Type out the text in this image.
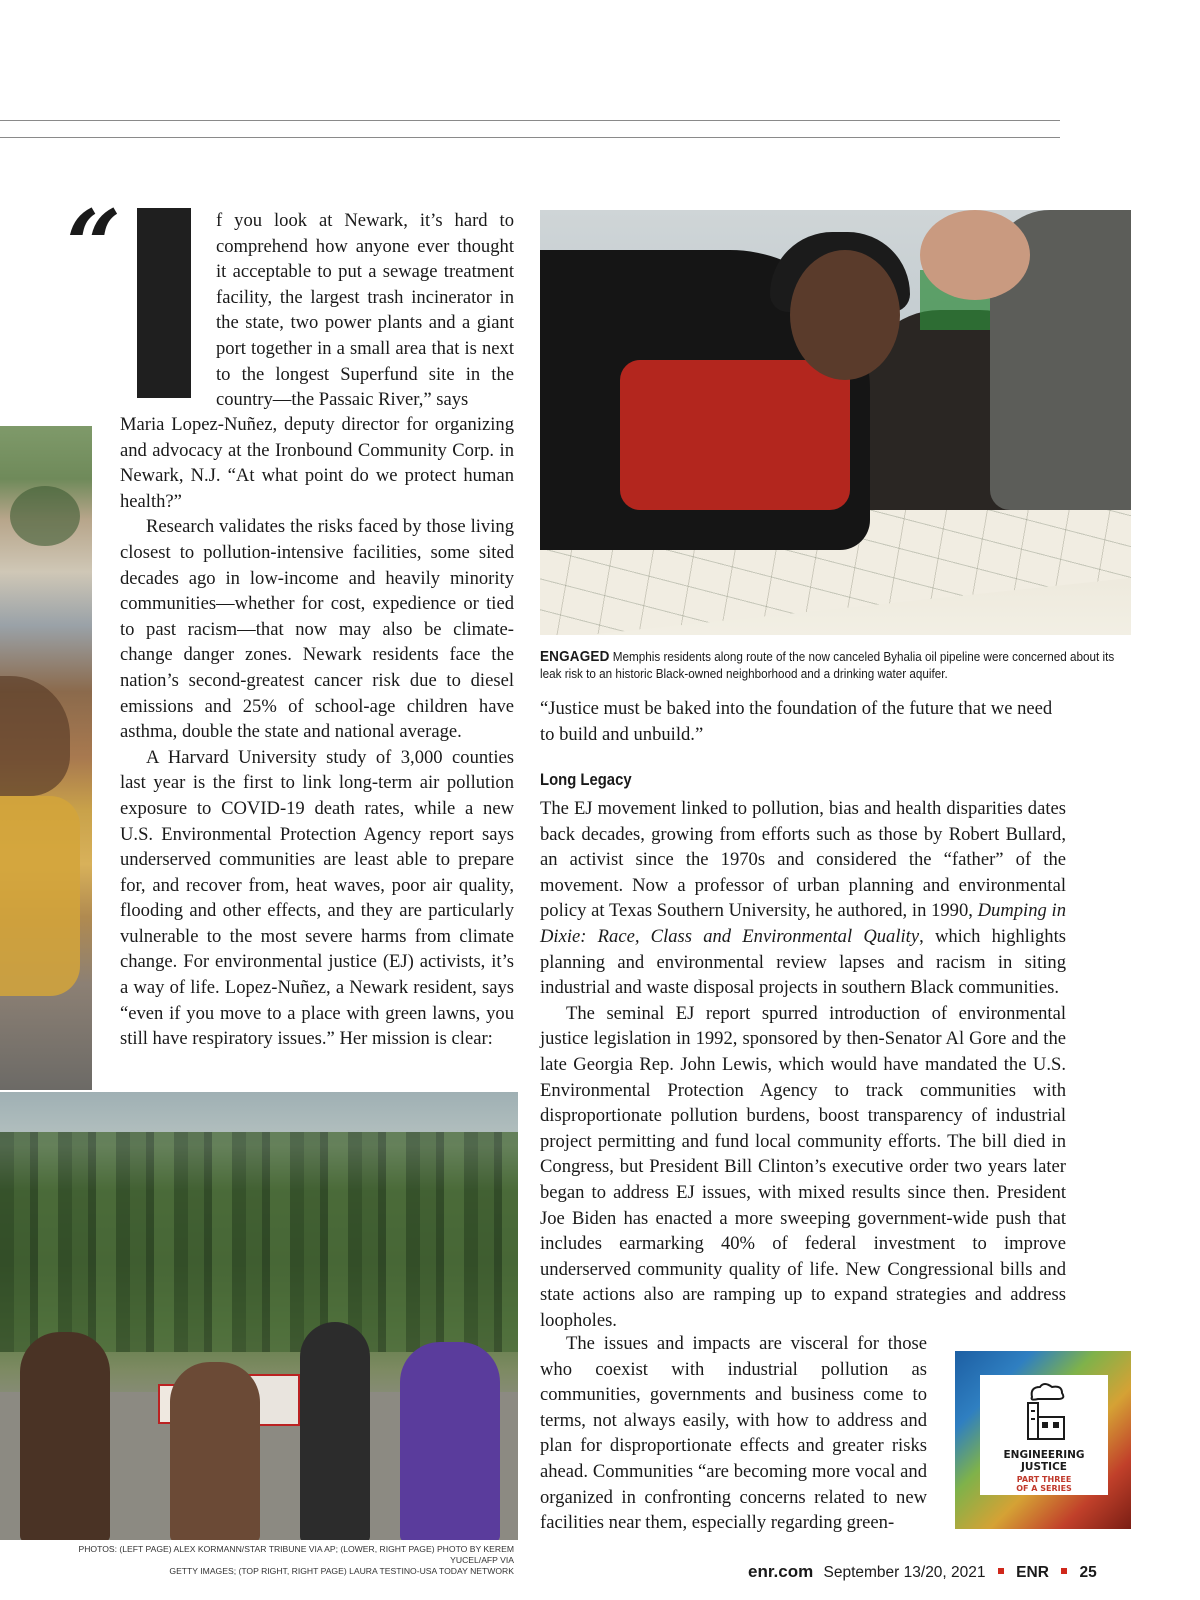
“	f you look at Newark, it’s hard to comprehend how anyone ever thought it acceptable to put a sewage treatment facility, the largest trash incinerator in the state, two power plants and a giant port together in a small area that is next to the longest Superfund site in the country—the Passaic River,” says

Maria Lopez-Nuñez, deputy director for organizing and advocacy at the Ironbound Community Corp. in Newark, N.J. “At what point do we protect human health?”

Research validates the risks faced by those living closest to pollution-intensive facilities, some sited decades ago in low-income and heavily minority communities—whether for cost, expedience or tied to past racism—that now may also be climate-change danger zones. Newark residents face the nation’s second-greatest cancer risk due to diesel emissions and 25% of school-age children have asthma, double the state and national average.

A Harvard University study of 3,000 counties last year is the first to link long-term air pollution exposure to COVID-19 death rates, while a new U.S. Environmental Protection Agency report says underserved communities are least able to prepare for, and recover from, heat waves, poor air quality, flooding and other effects, and they are particularly vulnerable to the most severe harms from climate change. For environmental justice (EJ) activists, it’s a way of life. Lopez-Nuñez, a Newark resident, says “even if you move to a place with green lawns, you still have respiratory issues.” Her mission is clear:

ENGAGED Memphis residents along route of the now canceled Byhalia oil pipeline were concerned about its leak risk to an historic Black-owned neighborhood and a drinking water aquifer.
“Justice must be baked into the foundation of the future that we need to build and unbuild.”
Long Legacy

The EJ movement linked to pollution, bias and health disparities dates back decades, growing from efforts such as those by Robert Bullard, an activist since the 1970s and considered the “father” of the movement. Now a professor of urban planning and environmental policy at Texas Southern University, he authored, in 1990, Dumping in Dixie: Race, Class and Environmental Quality, which highlights planning and environmental review lapses and racism in siting industrial and waste disposal projects in southern Black communities.

The seminal EJ report spurred introduction of environmental justice legislation in 1992, sponsored by then-Senator Al Gore and the late Georgia Rep. John Lewis, which would have mandated the U.S. Environmental Protection Agency to track communities with disproportionate pollution burdens, boost transparency of industrial project permitting and fund local community efforts. The bill died in Congress, but President Bill Clinton’s executive order two years later began to address EJ issues, with mixed results since then. President Joe Biden has enacted a more sweeping government-wide push that includes earmarking 40% of federal investment to improve underserved community quality of life. New Congressional bills and state actions also are ramping up to expand strategies and address loopholes.

The issues and impacts are visceral for those who coexist with industrial pollution as communities, governments and business come to terms, not always easily, with how to address and plan for disproportionate effects and greater risks ahead. Communities “are becoming more vocal and organized in confronting concerns related to new facilities near them, especially regarding green-
ENGINEERING
JUSTICE
PART THREE
OF A SERIES
PHOTOS: (LEFT PAGE) ALEX KORMANN/STAR TRIBUNE VIA AP; (LOWER, RIGHT PAGE) PHOTO BY KEREM YUCEL/AFP VIA
GETTY IMAGES; (TOP RIGHT, RIGHT PAGE) LAURA TESTINO-USA TODAY NETWORK	enr.com September 13/20, 2021 ENR 25
